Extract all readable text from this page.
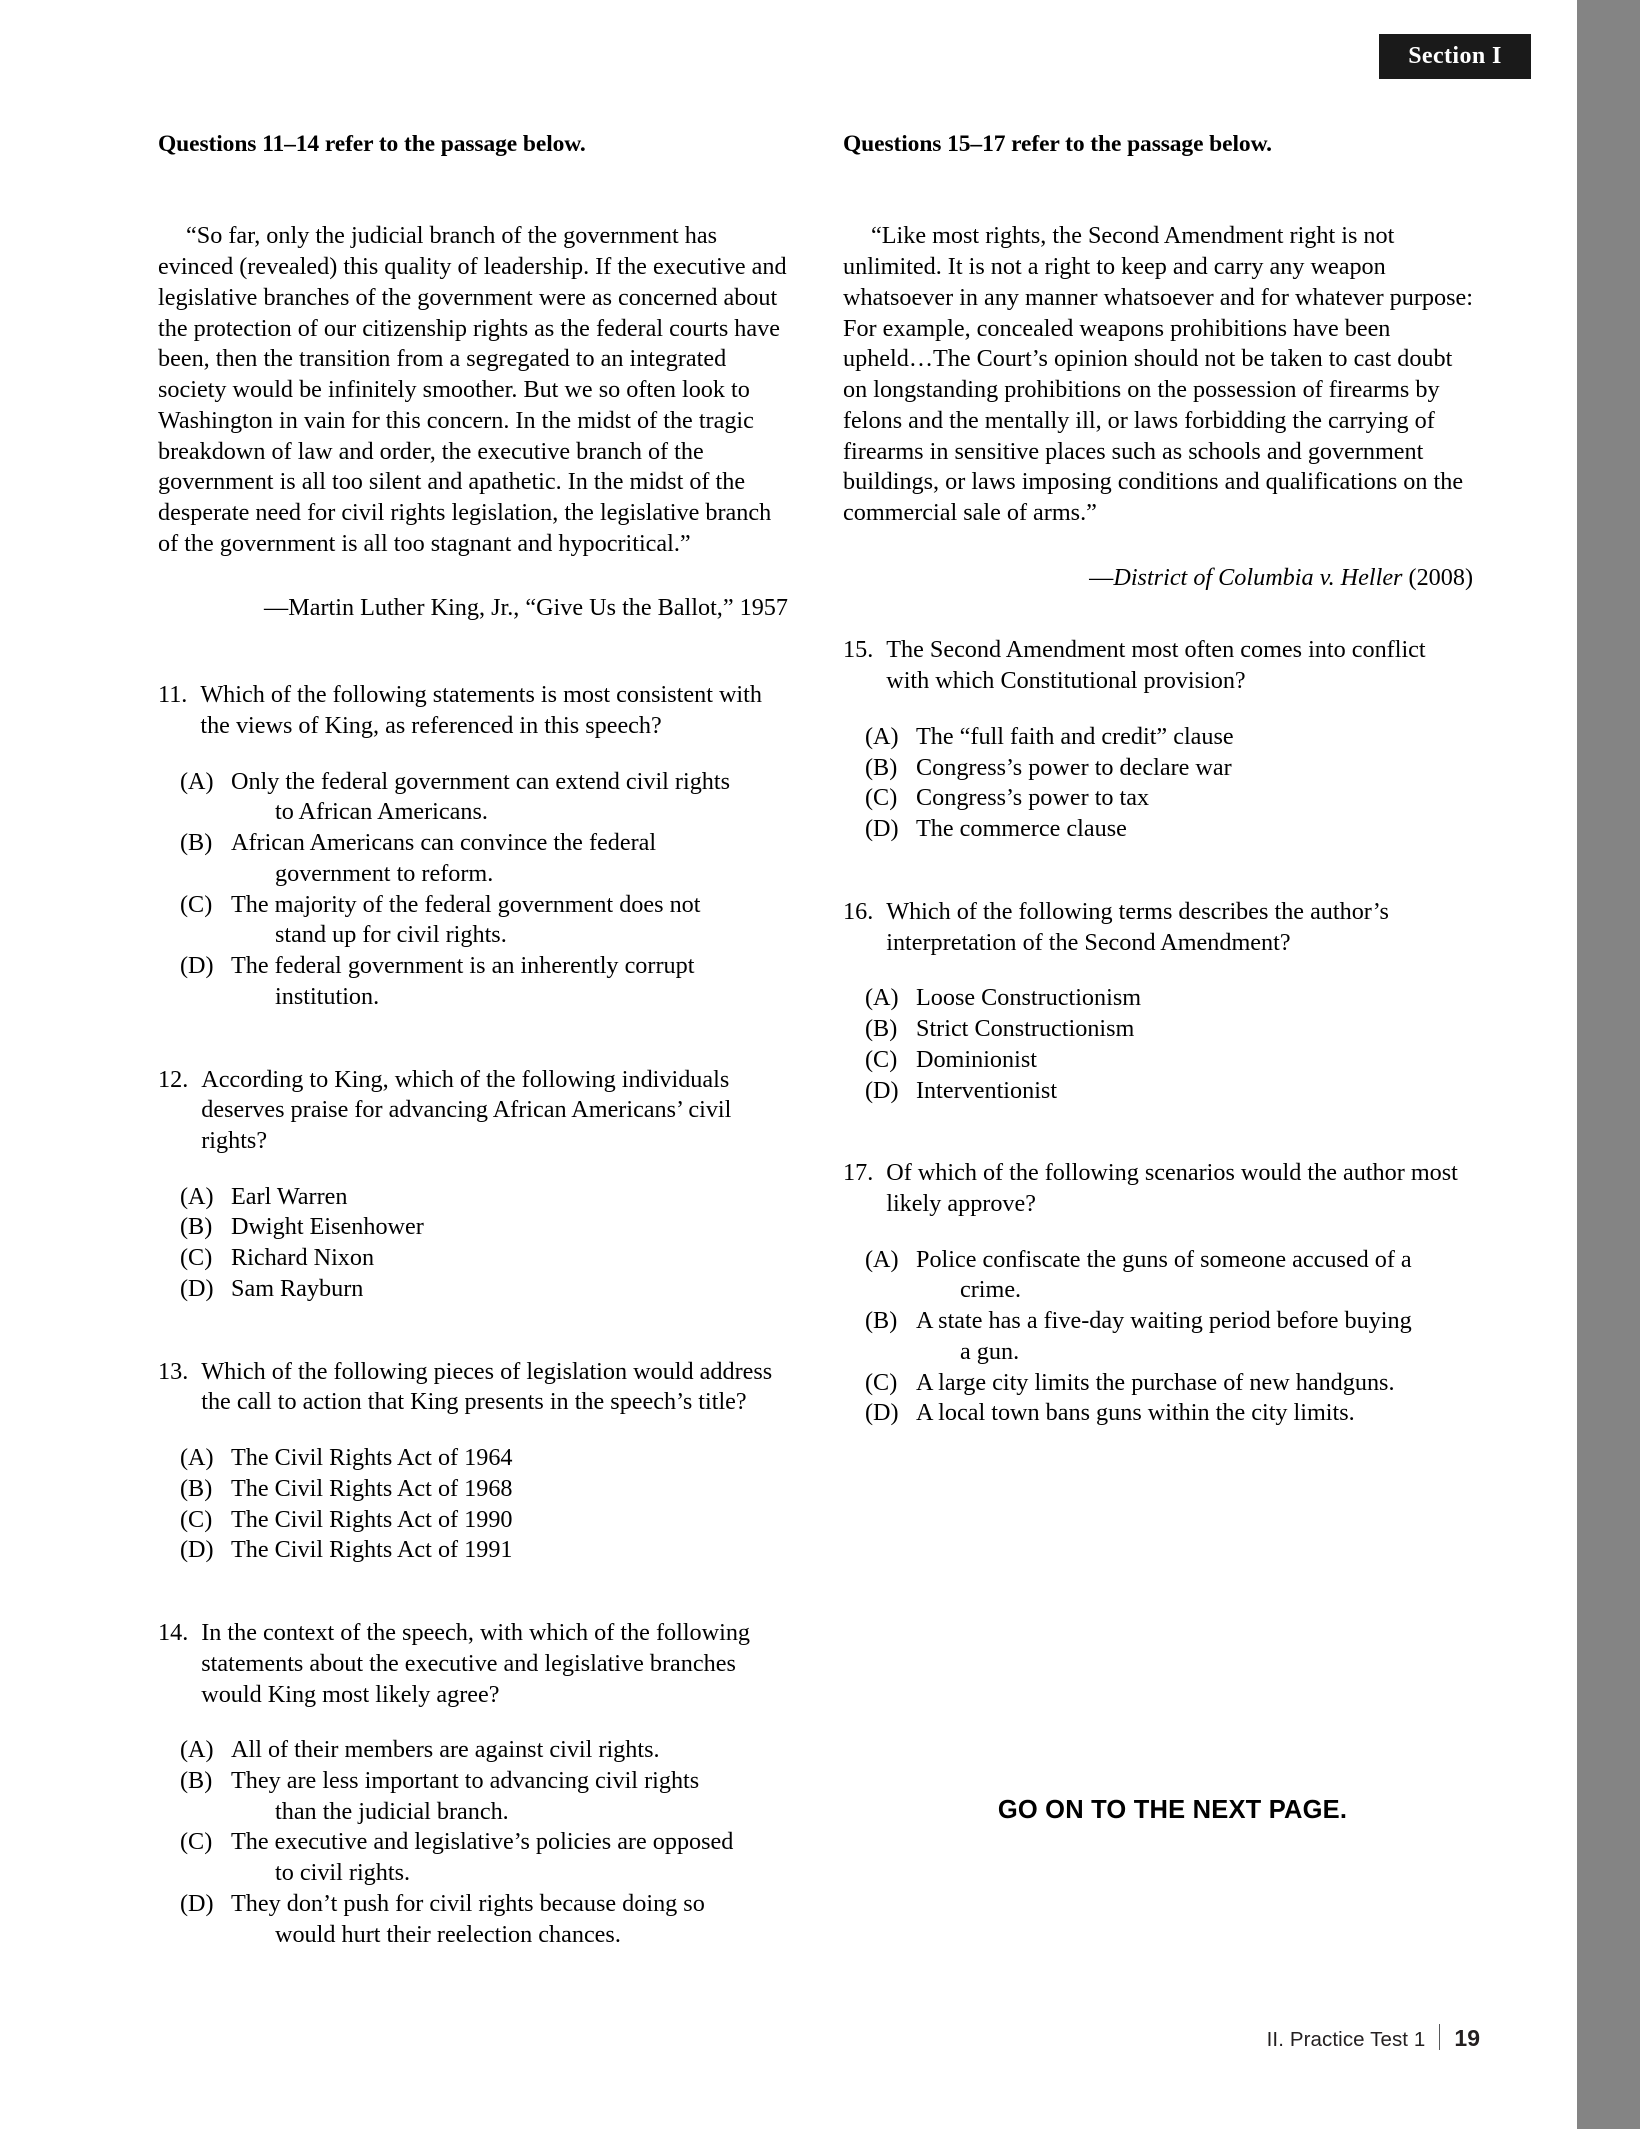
Section I
Questions 11–14 refer to the passage below.

“So far, only the judicial branch of the government has evinced (revealed) this quality of leadership. If the executive and legislative branches of the government were as concerned about the protection of our citizenship rights as the federal courts have been, then the transition from a segregated to an integrated society would be infinitely smoother. But we so often look to Washington in vain for this concern. In the midst of the tragic breakdown of law and order, the executive branch of the government is all too silent and apathetic. In the midst of the desperate need for civil rights legislation, the legislative branch of the government is all too stagnant and hypocritical.”

—Martin Luther King, Jr., “Give Us the Ballot,” 1957

11. Which of the following statements is most consistent with the views of King, as referenced in this speech?
(A) Only the federal government can extend civil rights
to African Americans.
(B) African Americans can convince the federal
government to reform.
(C) The majority of the federal government does not
stand up for civil rights.
(D) The federal government is an inherently corrupt
institution.
12. According to King, which of the following individuals deserves praise for advancing African Americans’ civil rights?
(A) Earl Warren
(B) Dwight Eisenhower
(C) Richard Nixon
(D) Sam Rayburn
13. Which of the following pieces of legislation would address the call to action that King presents in the speech’s title?
(A) The Civil Rights Act of 1964
(B) The Civil Rights Act of 1968
(C) The Civil Rights Act of 1990
(D) The Civil Rights Act of 1991
14. In the context of the speech, with which of the following statements about the executive and legislative branches would King most likely agree?
(A) All of their members are against civil rights.
(B) They are less important to advancing civil rights
than the judicial branch.
(C) The executive and legislative’s policies are opposed
to civil rights.
(D) They don’t push for civil rights because doing so
would hurt their reelection chances.
Questions 15–17 refer to the passage below.

“Like most rights, the Second Amendment right is not unlimited. It is not a right to keep and carry any weapon whatsoever in any manner whatsoever and for whatever purpose: For example, concealed weapons prohibitions have been upheld…The Court’s opinion should not be taken to cast doubt on longstanding prohibitions on the possession of firearms by felons and the mentally ill, or laws forbidding the carrying of firearms in sensitive places such as schools and government buildings, or laws imposing conditions and qualifications on the commercial sale of arms.”

—District of Columbia v. Heller (2008)

15. The Second Amendment most often comes into conflict with which Constitutional provision?
(A) The “full faith and credit” clause
(B) Congress’s power to declare war
(C) Congress’s power to tax
(D) The commerce clause
16. Which of the following terms describes the author’s interpretation of the Second Amendment?
(A) Loose Constructionism
(B) Strict Constructionism
(C) Dominionist
(D) Interventionist
17. Of which of the following scenarios would the author most likely approve?
(A) Police confiscate the guns of someone accused of a
crime.
(B) A state has a five-day waiting period before buying
a gun.
(C) A large city limits the purchase of new handguns.
(D) A local town bans guns within the city limits.
GO ON TO THE NEXT PAGE.
II. Practice Test 1 19
